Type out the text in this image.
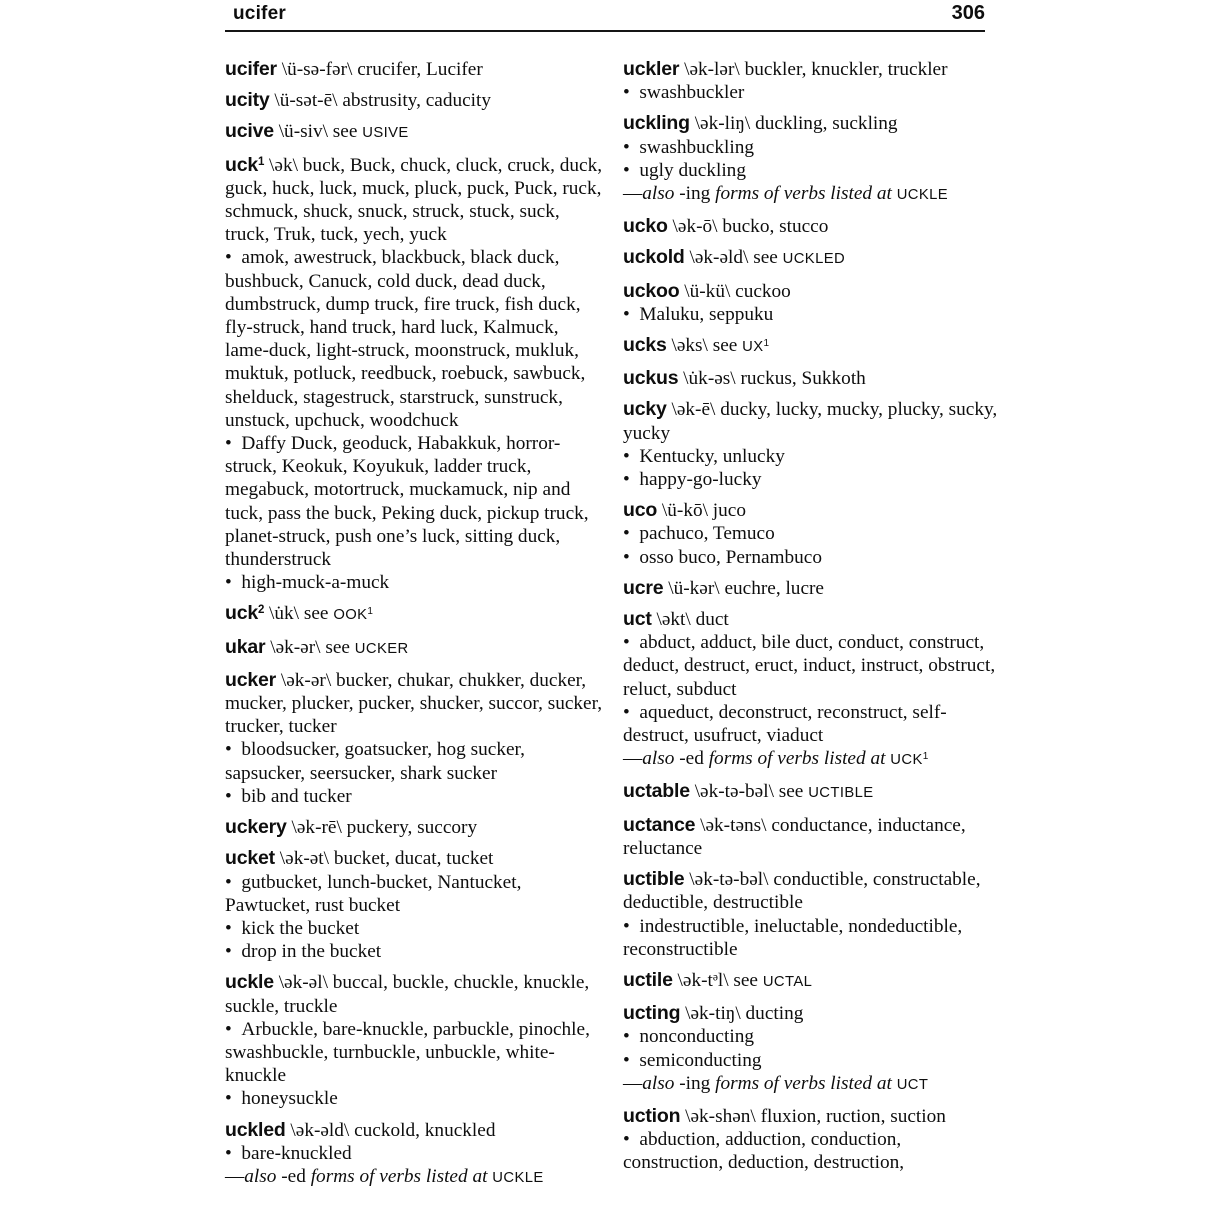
ucifer	306

ucifer \ü-sə-fər\ crucifer, Lucifer

ucity \ü-sət-ē\ abstrusity, caducity

ucive \ü-siv\ see USIVE

uck$^1$ \ək\ buck, Buck, chuck, cluck, cruck, duck, guck, huck, luck, muck, pluck, puck, Puck, ruck, schmuck, shuck, snuck, struck, stuck, suck, truck, Truk, tuck, yech, yuck

• amok, awestruck, blackbuck, black duck, bushbuck, Canuck, cold duck, dead duck, dumbstruck, dump truck, fire truck, fish duck, fly-struck, hand truck, hard luck, Kalmuck, lame-duck, light-struck, moonstruck, mukluk, muktuk, potluck, reedbuck, roebuck, sawbuck, shelduck, stagestruck, starstruck, sunstruck, unstuck, upchuck, woodchuck

• Daffy Duck, geoduck, Habakkuk, horror-struck, Keokuk, Koyukuk, ladder truck, megabuck, motortruck, muckamuck, nip and tuck, pass the buck, Peking duck, pickup truck, planet-struck, push one’s luck, sitting duck, thunderstruck

• high-muck-a-muck

uck$^2$ \u̇k\ see OOK$^1$

ukar \ək-ər\ see UCKER

ucker \ək-ər\ bucker, chukar, chukker, ducker, mucker, plucker, pucker, shucker, succor, sucker, trucker, tucker

• bloodsucker, goatsucker, hog sucker, sapsucker, seersucker, shark sucker

• bib and tucker

uckery \ək-rē\ puckery, succory

ucket \ək-ət\ bucket, ducat, tucket

• gutbucket, lunch-bucket, Nantucket, Pawtucket, rust bucket

• kick the bucket

• drop in the bucket

uckle \ək-əl\ buccal, buckle, chuckle, knuckle, suckle, truckle

• Arbuckle, bare-knuckle, parbuckle, pinochle, swashbuckle, turnbuckle, unbuckle, white-knuckle

• honeysuckle

uckled \ək-əld\ cuckold, knuckled

• bare-knuckled

—also -ed forms of verbs listed at UCKLE

uckler \ək-lər\ buckler, knuckler, truckler

• swashbuckler

uckling \ək-liŋ\ duckling, suckling

• swashbuckling

• ugly duckling

—also -ing forms of verbs listed at UCKLE

ucko \ək-ō\ bucko, stucco

uckold \ək-əld\ see UCKLED

uckoo \ü-kü\ cuckoo

• Maluku, seppuku

ucks \əks\ see $UX^1$

uckus \u̇k-əs\ ruckus, Sukkoth

ucky \ək-ē\ ducky, lucky, mucky, plucky, sucky, yucky

• Kentucky, unlucky

• happy-go-lucky

uco \ü-kō\ juco

• pachuco, Temuco

• osso buco, Pernambuco

ucre \ü-kər\ euchre, lucre

uct \əkt\ duct

• abduct, adduct, bile duct, conduct, construct, deduct, destruct, eruct, induct, instruct, obstruct, reluct, subduct

• aqueduct, deconstruct, reconstruct, self-destruct, usufruct, viaduct

—also -ed forms of verbs listed at UCK$^1$

uctable \ək-tə-bəl\ see UCTIBLE

uctance \ək-təns\ conductance, inductance, reluctance

uctible \ək-tə-bəl\ conductible, constructable, deductible, destructible

• indestructible, ineluctable, nondeductible, reconstructible

uctile \ək-tᵊl\ see UCTAL

ucting \ək-tiŋ\ ducting

• nonconducting

• semiconducting

—also -ing forms of verbs listed at UCT

uction \ək-shən\ fluxion, ruction, suction

• abduction, adduction, conduction, construction, deduction, destruction,
